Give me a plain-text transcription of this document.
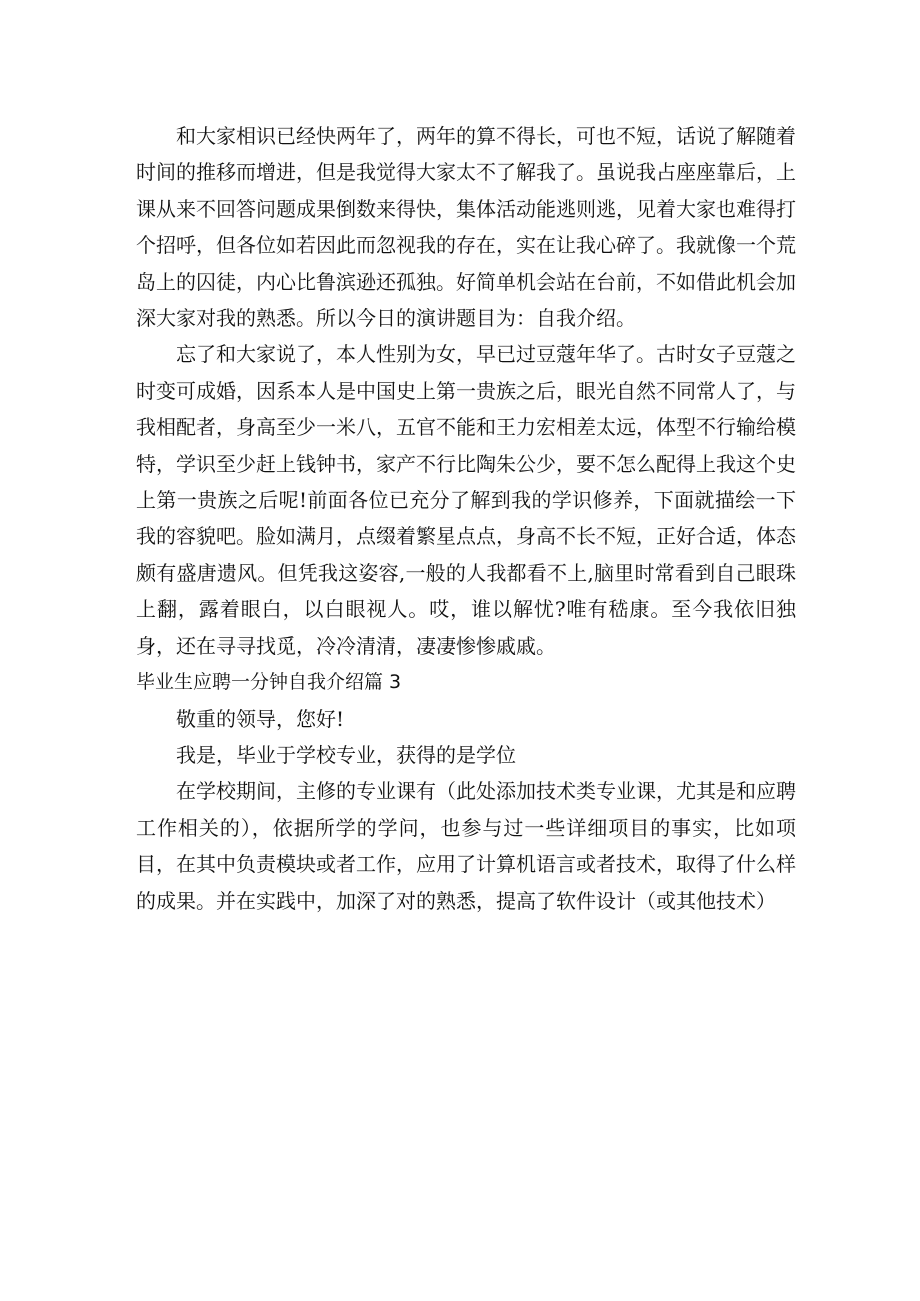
和大家相识已经快两年了，两年的算不得长，可也不短，话说了解随着时间的推移而增进，但是我觉得大家太不了解我了。虽说我占座座靠后，上课从来不回答问题成果倒数来得快，集体活动能逃则逃，见着大家也难得打个招呼，但各位如若因此而忽视我的存在，实在让我心碎了。我就像一个荒岛上的囚徒，内心比鲁滨逊还孤独。好简单机会站在台前，不如借此机会加深大家对我的熟悉。所以今日的演讲题目为：自我介绍。

忘了和大家说了，本人性别为女，早已过豆蔻年华了。古时女子豆蔻之时变可成婚，因系本人是中国史上第一贵族之后，眼光自然不同常人了，与我相配者，身高至少一米八，五官不能和王力宏相差太远，体型不行输给模特，学识至少赶上钱钟书，家产不行比陶朱公少，要不怎么配得上我这个史上第一贵族之后呢!前面各位已充分了解到我的学识修养，下面就描绘一下我的容貌吧。脸如满月，点缀着繁星点点，身高不长不短，正好合适，体态颇有盛唐遗风。但凭我这姿容,一般的人我都看不上,脑里时常看到自己眼珠上翻，露着眼白，以白眼视人。哎，谁以解忧?唯有嵇康。至今我依旧独身，还在寻寻找觅，冷冷清清，凄凄惨惨戚戚。

毕业生应聘一分钟自我介绍篇 3

敬重的领导，您好!

我是，毕业于学校专业，获得的是学位

在学校期间，主修的专业课有（此处添加技术类专业课，尤其是和应聘工作相关的），依据所学的学问，也参与过一些详细项目的事实，比如项目，在其中负责模块或者工作，应用了计算机语言或者技术，取得了什么样的成果。并在实践中，加深了对的熟悉，提高了软件设计（或其他技术）
